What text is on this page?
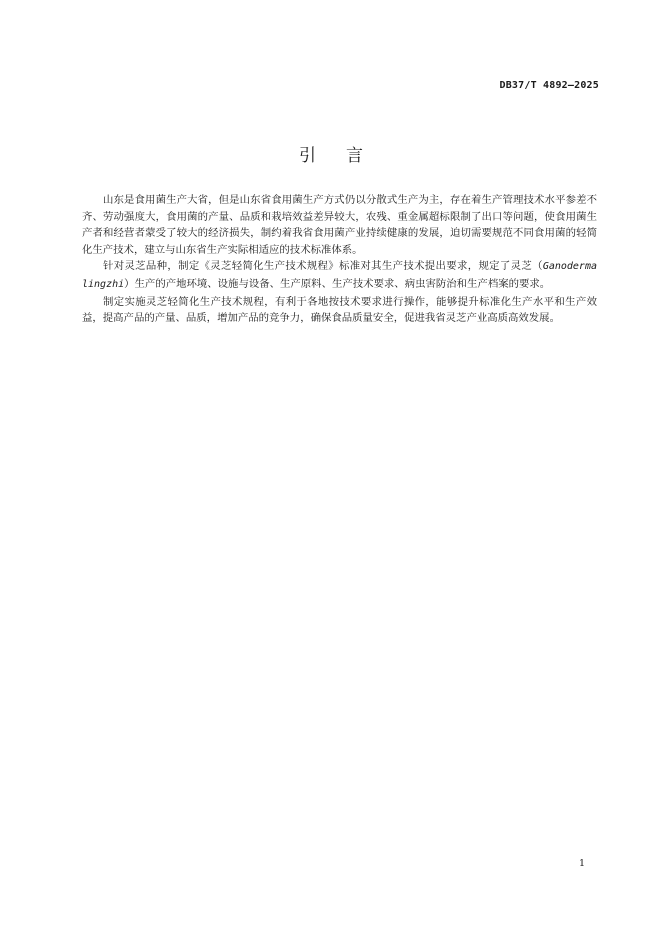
DB37/T 4892—2025
引言

山东是食用菌生产大省，但是山东省食用菌生产方式仍以分散式生产为主，存在着生产管理技术水平参差不齐、劳动强度大，食用菌的产量、品质和栽培效益差异较大，农残、重金属超标限制了出口等问题，使食用菌生产者和经营者蒙受了较大的经济损失，制约着我省食用菌产业持续健康的发展，迫切需要规范不同食用菌的轻简化生产技术，建立与山东省生产实际相适应的技术标准体系。

针对灵芝品种，制定《灵芝轻简化生产技术规程》标准对其生产技术提出要求，规定了灵芝（Ganoderma lingzhi）生产的产地环境、设施与设备、生产原料、生产技术要求、病虫害防治和生产档案的要求。

制定实施灵芝轻简化生产技术规程，有利于各地按技术要求进行操作，能够提升标准化生产水平和生产效益，提高产品的产量、品质，增加产品的竞争力，确保食品质量安全，促进我省灵芝产业高质高效发展。

1
